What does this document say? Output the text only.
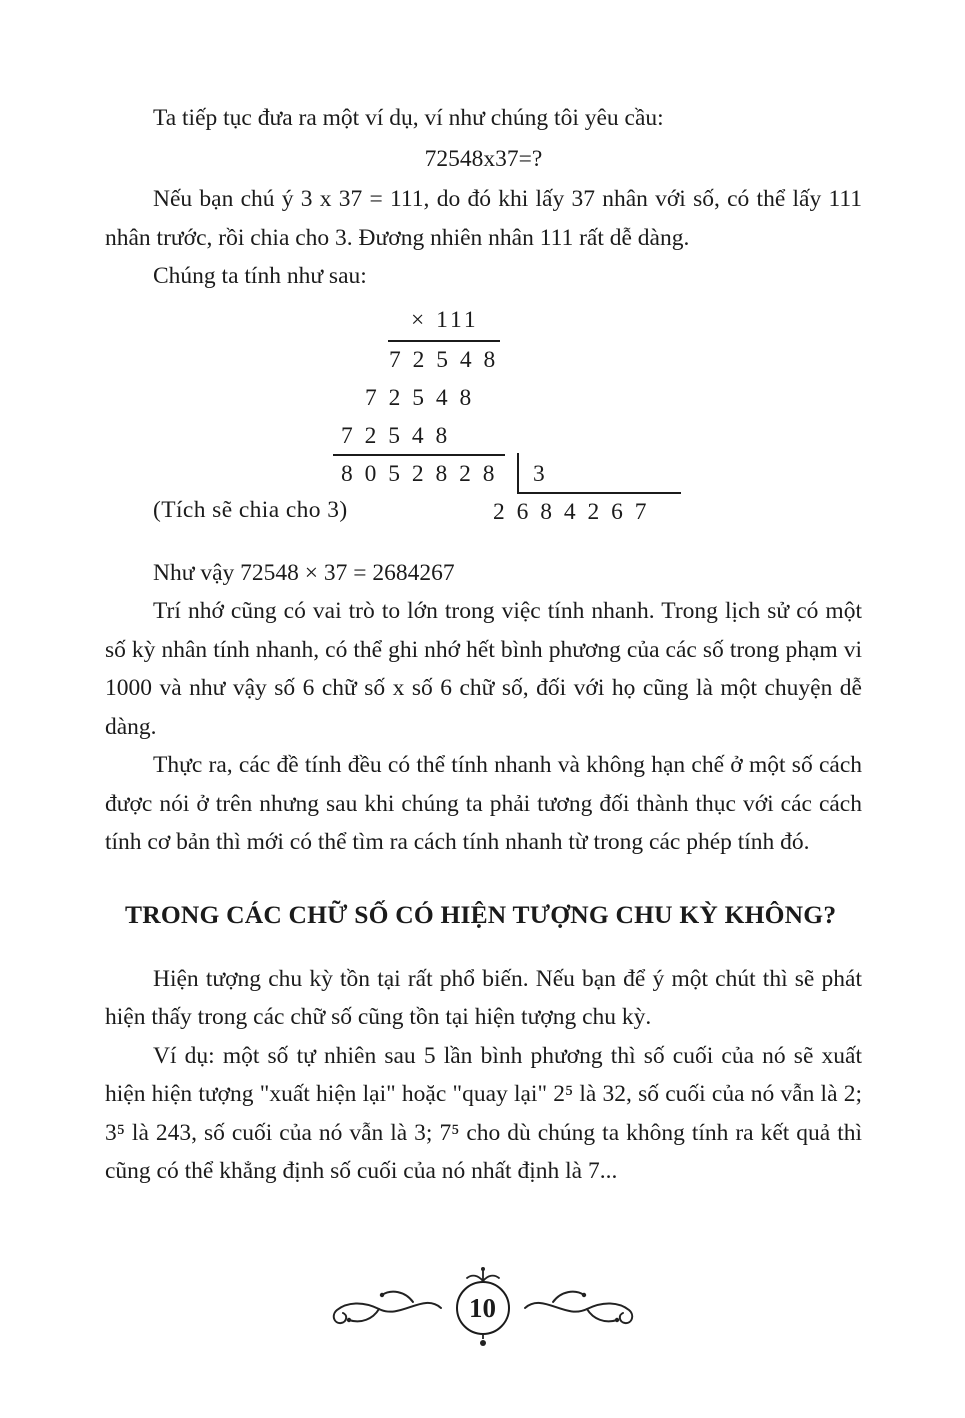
Ta tiếp tục đưa ra một ví dụ, ví như chúng tôi yêu cầu:

72548x37=?

Nếu bạn chú ý 3 x 37 = 111, do đó khi lấy 37 nhân với số, có thể lấy 111 nhân trước, rồi chia cho 3. Đương nhiên nhân 111 rất dễ dàng.

Chúng ta tính như sau:

× 111
7 2 5 4 8
7 2 5 4 8
7 2 5 4 8
8 0 5 2 8 2 8 3
(Tích sẽ chia cho 3)	2 6 8 4 2 6 7

Như vậy 72548 × 37 = 2684267

Trí nhớ cũng có vai trò to lớn trong việc tính nhanh. Trong lịch sử có một số kỳ nhân tính nhanh, có thể ghi nhớ hết bình phương của các số trong phạm vi 1000 và như vậy số 6 chữ số x số 6 chữ số, đối với họ cũng là một chuyện dễ dàng.

Thực ra, các đề tính đều có thể tính nhanh và không hạn chế ở một số cách được nói ở trên nhưng sau khi chúng ta phải tương đối thành thục với các cách tính cơ bản thì mới có thể tìm ra cách tính nhanh từ trong các phép tính đó.

TRONG CÁC CHỮ SỐ CÓ HIỆN TƯỢNG CHU KỲ KHÔNG?

Hiện tượng chu kỳ tồn tại rất phổ biến. Nếu bạn để ý một chút thì sẽ phát hiện thấy trong các chữ số cũng tồn tại hiện tượng chu kỳ.

Ví dụ: một số tự nhiên sau 5 lần bình phương thì số cuối của nó sẽ xuất hiện hiện tượng "xuất hiện lại" hoặc "quay lại" 2⁵ là 32, số cuối của nó vẫn là 2; 3⁵ là 243, số cuối của nó vẫn là 3; 7⁵ cho dù chúng ta không tính ra kết quả thì cũng có thể khẳng định số cuối của nó nhất định là 7...

10
